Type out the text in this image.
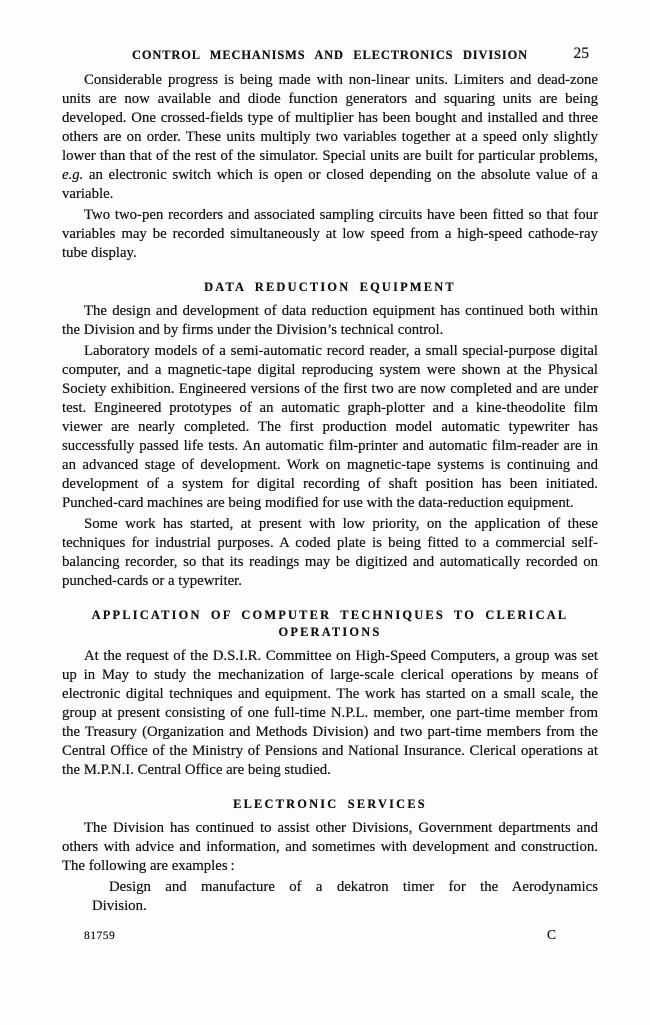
CONTROL MECHANISMS AND ELECTRONICS DIVISION	25
Considerable progress is being made with non-linear units. Limiters and dead-zone units are now available and diode function generators and squaring units are being developed. One crossed-fields type of multiplier has been bought and installed and three others are on order. These units multiply two variables together at a speed only slightly lower than that of the rest of the simulator. Special units are built for particular problems, e.g. an electronic switch which is open or closed depending on the absolute value of a variable.
Two two-pen recorders and associated sampling circuits have been fitted so that four variables may be recorded simultaneously at low speed from a high-speed cathode-ray tube display.
DATA REDUCTION EQUIPMENT
The design and development of data reduction equipment has continued both within the Division and by firms under the Division’s technical control.
Laboratory models of a semi-automatic record reader, a small special-purpose digital computer, and a magnetic-tape digital reproducing system were shown at the Physical Society exhibition. Engineered versions of the first two are now completed and are under test. Engineered prototypes of an automatic graph-plotter and a kine-theodolite film viewer are nearly completed. The first production model automatic typewriter has successfully passed life tests. An automatic film-printer and automatic film-reader are in an advanced stage of development. Work on magnetic-tape systems is continuing and development of a system for digital recording of shaft position has been initiated. Punched-card machines are being modified for use with the data-reduction equipment.
Some work has started, at present with low priority, on the application of these techniques for industrial purposes. A coded plate is being fitted to a commercial self-balancing recorder, so that its readings may be digitized and automatically recorded on punched-cards or a typewriter.
APPLICATION OF COMPUTER TECHNIQUES TO CLERICAL
OPERATIONS
At the request of the D.S.I.R. Committee on High-Speed Computers, a group was set up in May to study the mechanization of large-scale clerical operations by means of electronic digital techniques and equipment. The work has started on a small scale, the group at present consisting of one full-time N.P.L. member, one part-time member from the Treasury (Organization and Methods Division) and two part-time members from the Central Office of the Ministry of Pensions and National Insurance. Clerical operations at the M.P.N.I. Central Office are being studied.
ELECTRONIC SERVICES
The Division has continued to assist other Divisions, Government departments and others with advice and information, and sometimes with development and construction. The following are examples :
Design and manufacture of a dekatron timer for the Aerodynamics
Division.
81759	C
